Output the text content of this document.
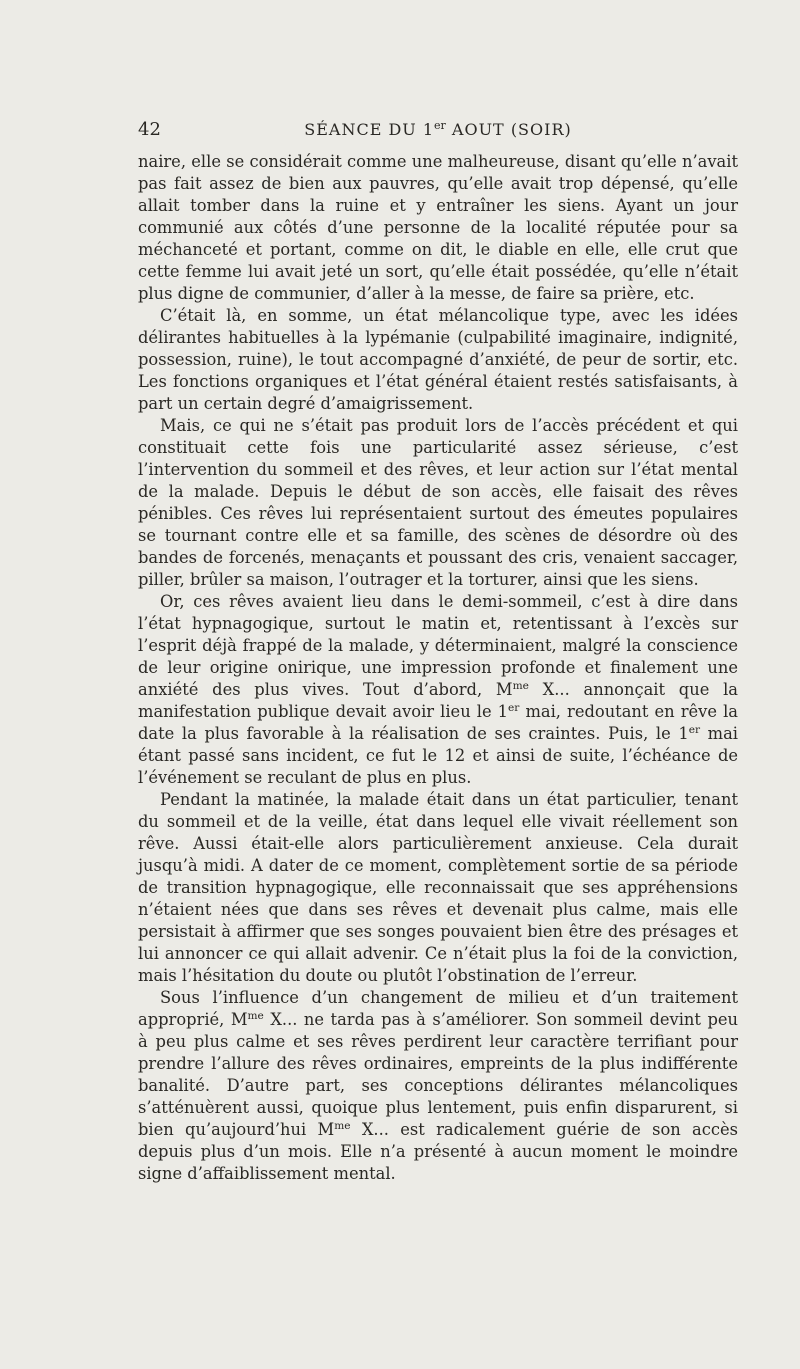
42	SÉANCE DU 1er AOUT (SOIR)

naire, elle se considérait comme une malheureuse, disant qu’elle n’avait pas fait assez de bien aux pauvres, qu’elle avait trop dépensé, qu’elle allait tomber dans la ruine et y entraîner les siens. Ayant un jour communié aux côtés d’une personne de la localité réputée pour sa méchanceté et portant, comme on dit, le diable en elle, elle crut que cette femme lui avait jeté un sort, qu’elle était possédée, qu’elle n’était plus digne de communier, d’aller à la messe, de faire sa prière, etc.

C’était là, en somme, un état mélancolique type, avec les idées délirantes habituelles à la lypémanie (culpabilité imaginaire, indignité, possession, ruine), le tout accompagné d’anxiété, de peur de sortir, etc. Les fonctions organiques et l’état général étaient restés satisfaisants, à part un certain degré d’amaigrissement.

Mais, ce qui ne s’était pas produit lors de l’accès précédent et qui constituait cette fois une particularité assez sérieuse, c’est l’intervention du sommeil et des rêves, et leur action sur l’état mental de la malade. Depuis le début de son accès, elle faisait des rêves pénibles. Ces rêves lui représentaient surtout des émeutes populaires se tournant contre elle et sa famille, des scènes de désordre où des bandes de forcenés, menaçants et poussant des cris, venaient saccager, piller, brûler sa maison, l’outrager et la torturer, ainsi que les siens.

Or, ces rêves avaient lieu dans le demi-sommeil, c’est à dire dans l’état hypnagogique, surtout le matin et, retentissant à l’excès sur l’esprit déjà frappé de la malade, y déterminaient, malgré la conscience de leur origine onirique, une impression profonde et finalement une anxiété des plus vives. Tout d’abord, $M^{me}$ X... annonçait que la manifestation publique devait avoir lieu le 1er mai, redoutant en rêve la date la plus favorable à la réalisation de ses craintes. Puis, le 1er mai étant passé sans incident, ce fut le 12 et ainsi de suite, l’échéance de l’événement se reculant de plus en plus.

Pendant la matinée, la malade était dans un état particulier, tenant du sommeil et de la veille, état dans lequel elle vivait réellement son rêve. Aussi était-elle alors particulièrement anxieuse. Cela durait jusqu’à midi. A dater de ce moment, complètement sortie de sa période de transition hypnagogique, elle reconnaissait que ses appréhensions n’étaient nées que dans ses rêves et devenait plus calme, mais elle persistait à affirmer que ses songes pouvaient bien être des présages et lui annoncer ce qui allait advenir. Ce n’était plus la foi de la conviction, mais l’hésitation du doute ou plutôt l’obstination de l’erreur.

Sous l’influence d’un changement de milieu et d’un traitement approprié, $M^{me}$ X... ne tarda pas à s’améliorer. Son sommeil devint peu à peu plus calme et ses rêves perdirent leur caractère terrifiant pour prendre l’allure des rêves ordinaires, empreints de la plus indifférente banalité. D’autre part, ses conceptions délirantes mélancoliques s’atténuèrent aussi, quoique plus lentement, puis enfin disparurent, si bien qu’aujourd’hui $M^{me}$ X... est radicalement guérie de son accès depuis plus d’un mois. Elle n’a présenté à aucun moment le moindre signe d’affaiblissement mental.
